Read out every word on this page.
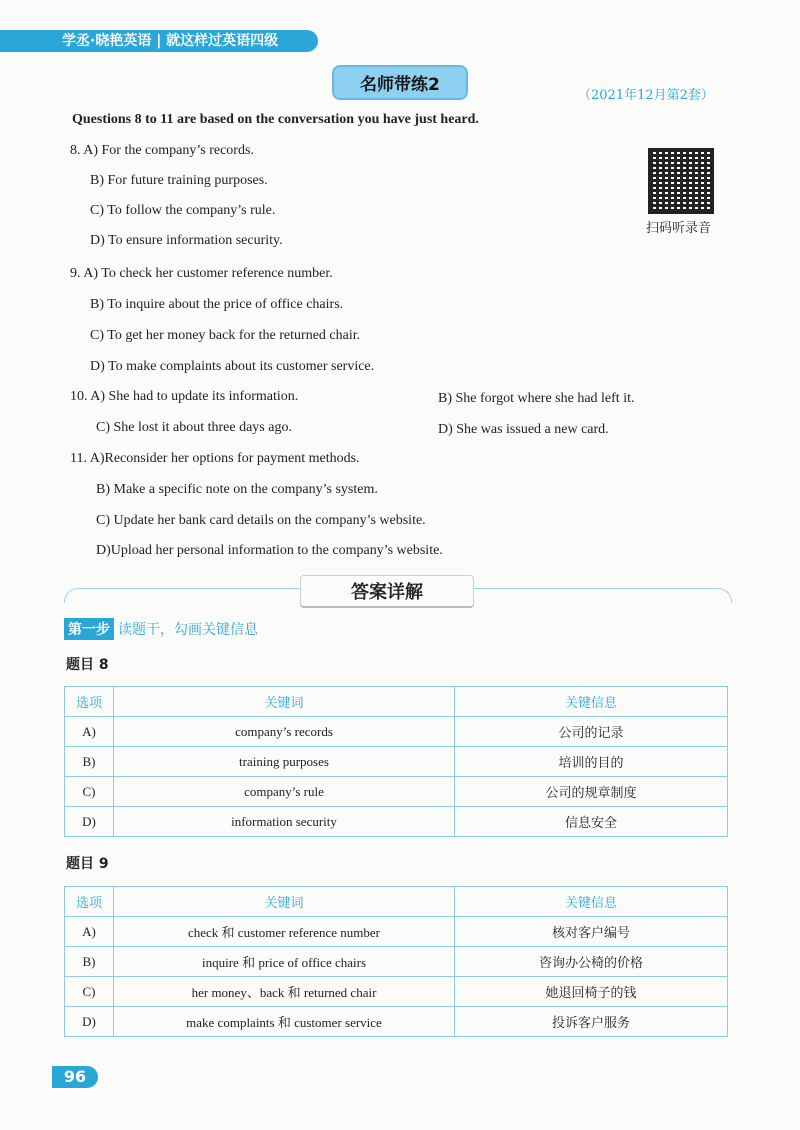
学丞·晓艳英语 | 就这样过英语四级
名师带练2
（2021年12月第2套）
Questions 8 to 11 are based on the conversation you have just heard.
8. A) For the company’s records.
B) For future training purposes.
C) To follow the company’s rule.
D) To ensure information security.
扫码听录音
9. A) To check her customer reference number.
B) To inquire about the price of office chairs.
C) To get her money back for the returned chair.
D) To make complaints about its customer service.
10. A) She had to update its information.	B) She forgot where she had left it.
C) She lost it about three days ago.	D) She was issued a new card.
11. A)Reconsider her options for payment methods.
B) Make a specific note on the company’s system.
C) Update her bank card details on the company’s website.
D)Upload her personal information to the company’s website.
答案详解
第一步 读题干，勾画关键信息
题目 8
选项	关键词	关键信息
A)	company’s records	公司的记录
B)	training purposes	培训的目的
C)	company’s rule	公司的规章制度
D)	information security	信息安全
题目 9
选项	关键词	关键信息
A)	check 和 customer reference number	核对客户编号
B)	inquire 和 price of office chairs	咨询办公椅的价格
C)	her money、back 和 returned chair	她退回椅子的钱
D)	make complaints 和 customer service	投诉客户服务
96
